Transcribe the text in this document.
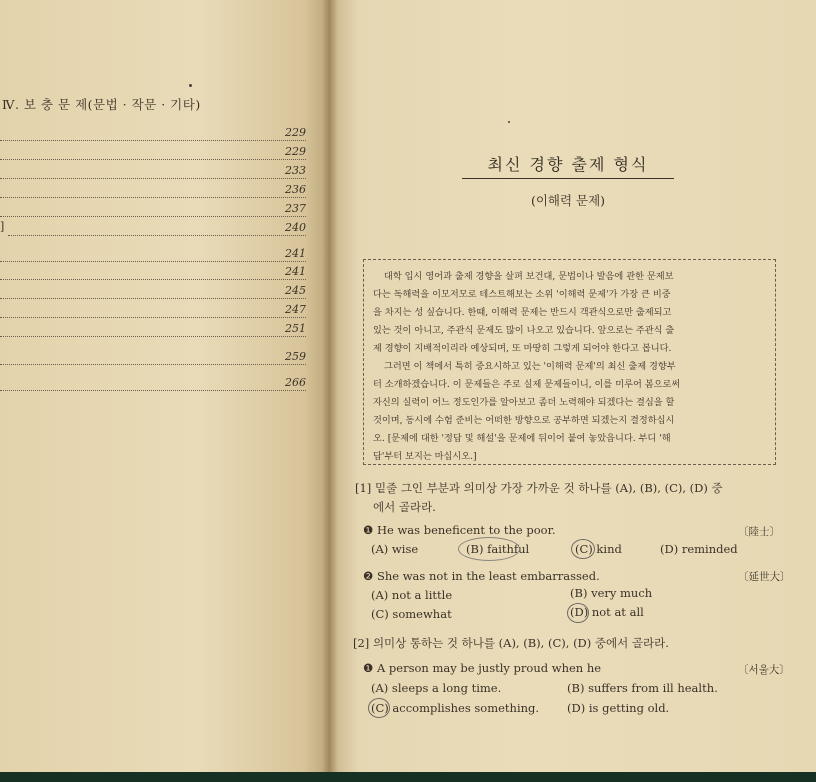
Ⅳ. 보 충 문 제(문법 · 작문 · 기타)
229
229
233
236
237
]	240
241
241
245
247
251
259
266
최신 경향 출제 형식
(이해력 문제)
대학 입시 영어과 출제 경향을 살펴 보건대, 문법이나 발음에 관한 문제보
다는 독해력을 이모저모로 테스트해보는 소위 '이해력 문제'가 가장 큰 비중
을 차지는 성 싶습니다. 한때, 이해력 문제는 반드시 객관식으로만 출제되고
있는 것이 아니고, 주관식 문제도 많이 나오고 있습니다. 앞으로는 주관식 출
제 경향이 지배적이리라 예상되며, 또 마땅히 그렇게 되어야 한다고 봅니다.
그러면 이 책에서 특히 중요시하고 있는 '이해력 문제'의 최신 출제 경향부
터 소개하겠습니다. 이 문제들은 주로 실제 문제들이니, 이를 미루어 봄으로써
자신의 실력이 어느 정도인가를 알아보고 좀더 노력해야 되겠다는 결심을 할
것이며, 동시에 수험 준비는 어떠한 방향으로 공부하면 되겠는지 결정하십시
오. [문제에 대한 '정답 및 해설'을 문제에 뒤이어 붙여 놓았읍니다. 부디 '해
답'부터 보지는 마십시오.]
[1] 밑줄 그인 부분과 의미상 가장 가까운 것 하나를 (A), (B), (C), (D) 중
에서 골라라.
❶ He was beneficent to the poor.	〔陸士〕
(A) wise	(B) faithful	(C) kind	(D) reminded
❷ She was not in the least embarrassed.	〔延世大〕
(A) not a little	(B) very much
(C) somewhat	(D) not at all
[2] 의미상 통하는 것 하나를 (A), (B), (C), (D) 중에서 골라라.
❶ A person may be justly proud when he	〔서울大〕
(A) sleeps a long time.	(B) suffers from ill health.
(C) accomplishes something. (D) is getting old.
